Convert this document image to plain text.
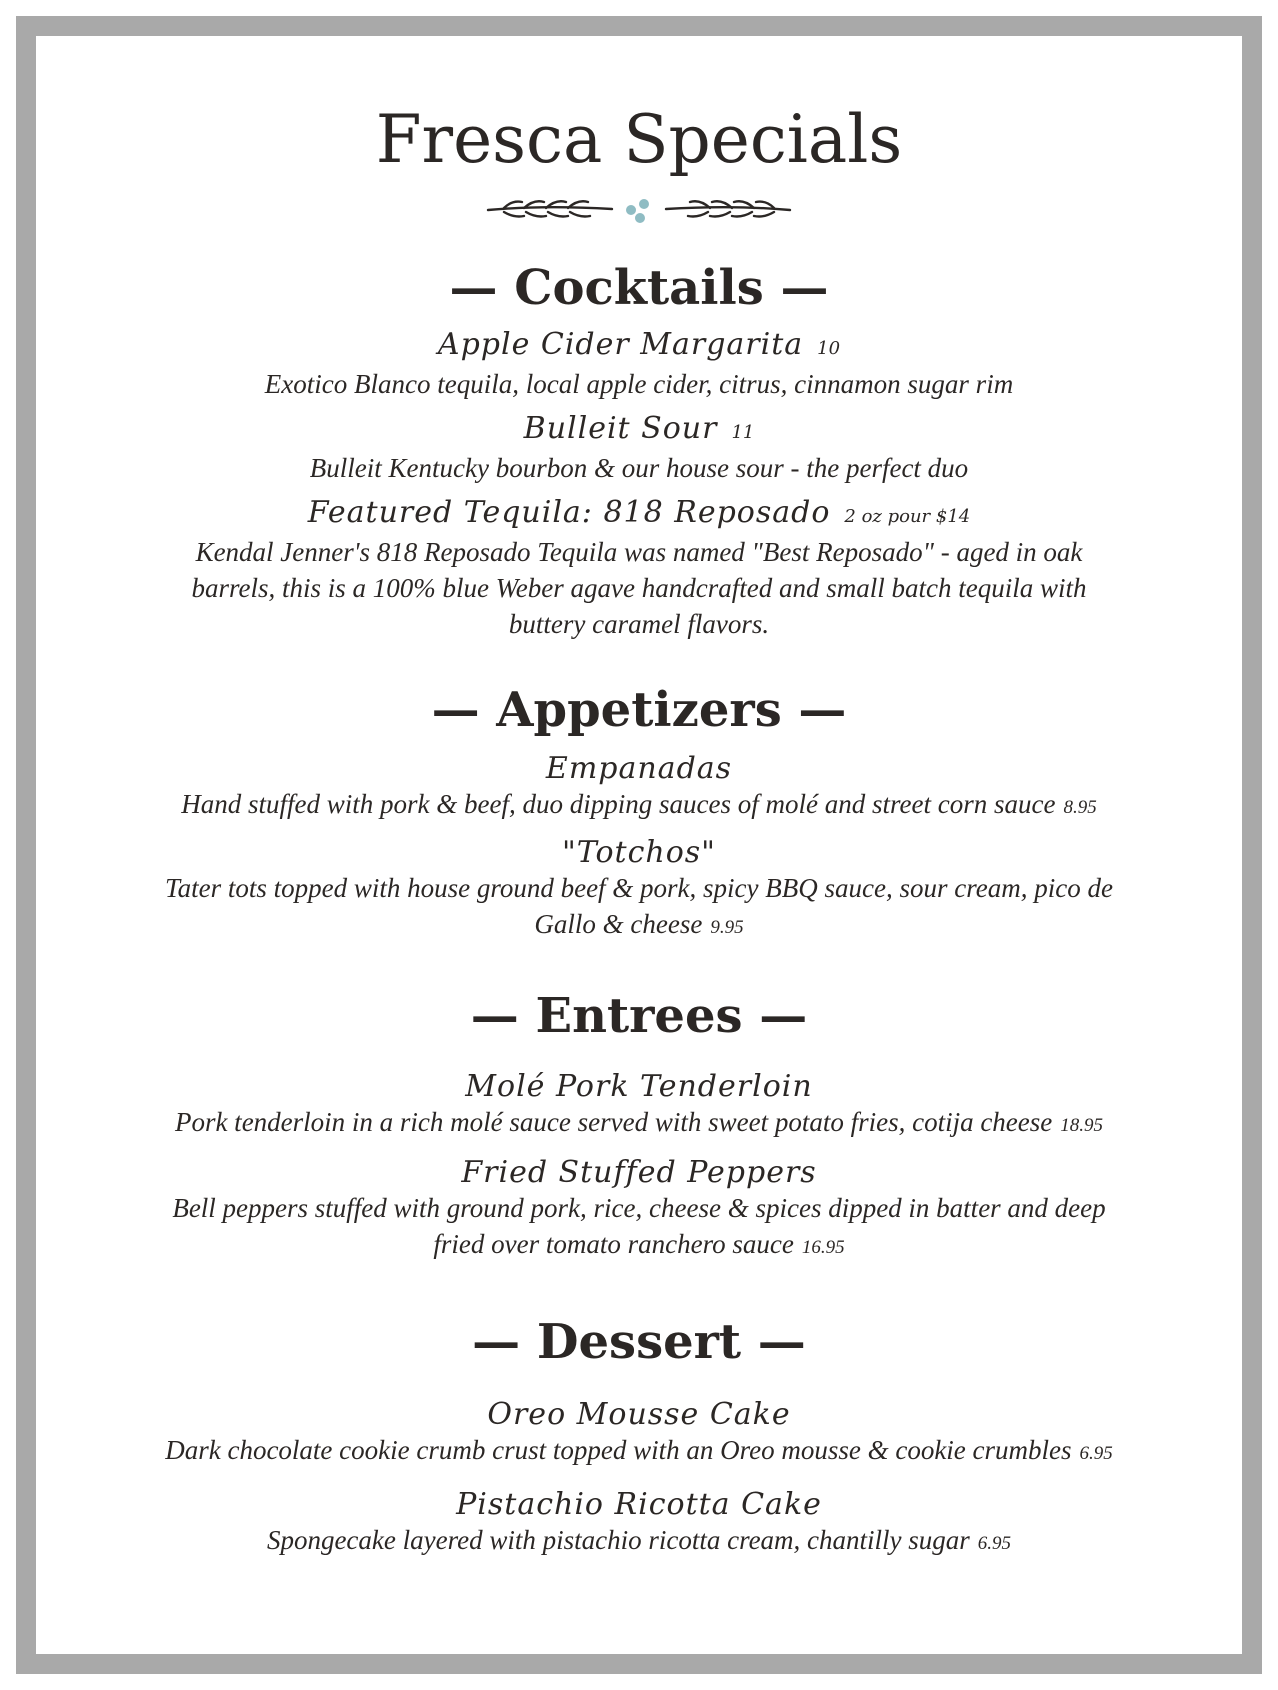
Fresca Specials
— Cocktails —
Apple Cider Margarita 10
Exotico Blanco tequila, local apple cider, citrus, cinnamon sugar rim
Bulleit Sour 11
Bulleit Kentucky bourbon & our house sour - the perfect duo
Featured Tequila: 818 Reposado 2 oz pour $14
Kendal Jenner's 818 Reposado Tequila was named "Best Reposado" - aged in oak
barrels, this is a 100% blue Weber agave handcrafted and small batch tequila with
buttery caramel flavors.
— Appetizers —
Empanadas
Hand stuffed with pork & beef, duo dipping sauces of molé and street corn sauce 8.95
"Totchos"
Tater tots topped with house ground beef & pork, spicy BBQ sauce, sour cream, pico de
Gallo & cheese 9.95
— Entrees —
Molé Pork Tenderloin
Pork tenderloin in a rich molé sauce served with sweet potato fries, cotija cheese 18.95
Fried Stuffed Peppers
Bell peppers stuffed with ground pork, rice, cheese & spices dipped in batter and deep
fried over tomato ranchero sauce 16.95
— Dessert —
Oreo Mousse Cake
Dark chocolate cookie crumb crust topped with an Oreo mousse & cookie crumbles 6.95
Pistachio Ricotta Cake
Spongecake layered with pistachio ricotta cream, chantilly sugar 6.95
